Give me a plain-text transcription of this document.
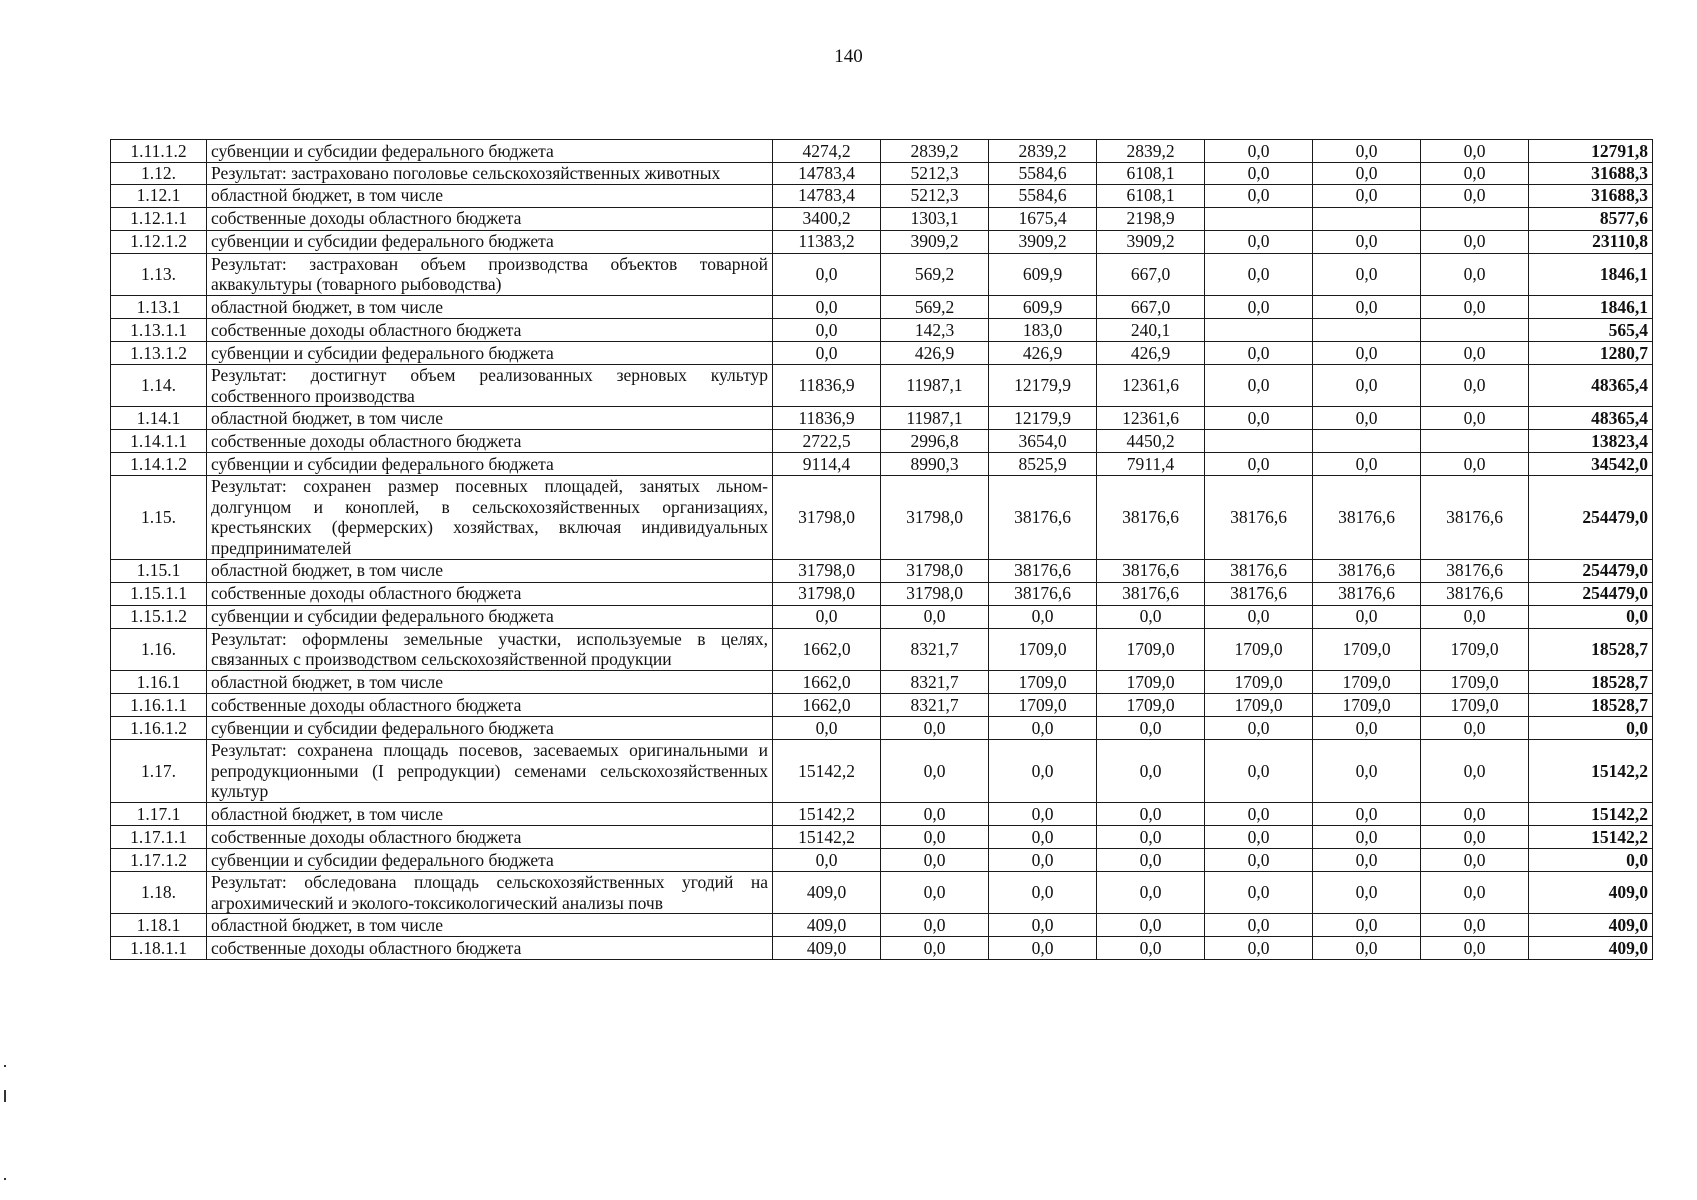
140
1.11.1.2	субвенции и субсидии федерального бюджета	4274,2	2839,2	2839,2	2839,2	0,0	0,0	0,0	12791,8
1.12.	Результат: застраховано поголовье сельскохозяйственных животных	14783,4	5212,3	5584,6	6108,1	0,0	0,0	0,0	31688,3
1.12.1	областной бюджет, в том числе	14783,4	5212,3	5584,6	6108,1	0,0	0,0	0,0	31688,3
1.12.1.1	собственные доходы областного бюджета	3400,2	1303,1	1675,4	2198,9				8577,6
1.12.1.2	субвенции и субсидии федерального бюджета	11383,2	3909,2	3909,2	3909,2	0,0	0,0	0,0	23110,8
1.13.	Результат: застрахован объем производства объектов товарной аквакультуры (товарного рыбоводства)	0,0	569,2	609,9	667,0	0,0	0,0	0,0	1846,1
1.13.1	областной бюджет, в том числе	0,0	569,2	609,9	667,0	0,0	0,0	0,0	1846,1
1.13.1.1	собственные доходы областного бюджета	0,0	142,3	183,0	240,1				565,4
1.13.1.2	субвенции и субсидии федерального бюджета	0,0	426,9	426,9	426,9	0,0	0,0	0,0	1280,7
1.14.	Результат: достигнут объем реализованных зерновых культур собственного производства	11836,9	11987,1	12179,9	12361,6	0,0	0,0	0,0	48365,4
1.14.1	областной бюджет, в том числе	11836,9	11987,1	12179,9	12361,6	0,0	0,0	0,0	48365,4
1.14.1.1	собственные доходы областного бюджета	2722,5	2996,8	3654,0	4450,2				13823,4
1.14.1.2	субвенции и субсидии федерального бюджета	9114,4	8990,3	8525,9	7911,4	0,0	0,0	0,0	34542,0
1.15.	Результат: сохранен размер посевных площадей, занятых льном-долгунцом и коноплей, в сельскохозяйственных организациях, крестьянских (фермерских) хозяйствах, включая индивидуальных предпринимателей	31798,0	31798,0	38176,6	38176,6	38176,6	38176,6	38176,6	254479,0
1.15.1	областной бюджет, в том числе	31798,0	31798,0	38176,6	38176,6	38176,6	38176,6	38176,6	254479,0
1.15.1.1	собственные доходы областного бюджета	31798,0	31798,0	38176,6	38176,6	38176,6	38176,6	38176,6	254479,0
1.15.1.2	субвенции и субсидии федерального бюджета	0,0	0,0	0,0	0,0	0,0	0,0	0,0	0,0
1.16.	Результат: оформлены земельные участки, используемые в целях, связанных с производством сельскохозяйственной продукции	1662,0	8321,7	1709,0	1709,0	1709,0	1709,0	1709,0	18528,7
1.16.1	областной бюджет, в том числе	1662,0	8321,7	1709,0	1709,0	1709,0	1709,0	1709,0	18528,7
1.16.1.1	собственные доходы областного бюджета	1662,0	8321,7	1709,0	1709,0	1709,0	1709,0	1709,0	18528,7
1.16.1.2	субвенции и субсидии федерального бюджета	0,0	0,0	0,0	0,0	0,0	0,0	0,0	0,0
1.17.	Результат: сохранена площадь посевов, засеваемых оригинальными и репродукционными (I репродукции) семенами сельскохозяйственных культур	15142,2	0,0	0,0	0,0	0,0	0,0	0,0	15142,2
1.17.1	областной бюджет, в том числе	15142,2	0,0	0,0	0,0	0,0	0,0	0,0	15142,2
1.17.1.1	собственные доходы областного бюджета	15142,2	0,0	0,0	0,0	0,0	0,0	0,0	15142,2
1.17.1.2	субвенции и субсидии федерального бюджета	0,0	0,0	0,0	0,0	0,0	0,0	0,0	0,0
1.18.	Результат: обследована площадь сельскохозяйственных угодий на агрохимический и эколого-токсикологический анализы почв	409,0	0,0	0,0	0,0	0,0	0,0	0,0	409,0
1.18.1	областной бюджет, в том числе	409,0	0,0	0,0	0,0	0,0	0,0	0,0	409,0
1.18.1.1	собственные доходы областного бюджета	409,0	0,0	0,0	0,0	0,0	0,0	0,0	409,0
